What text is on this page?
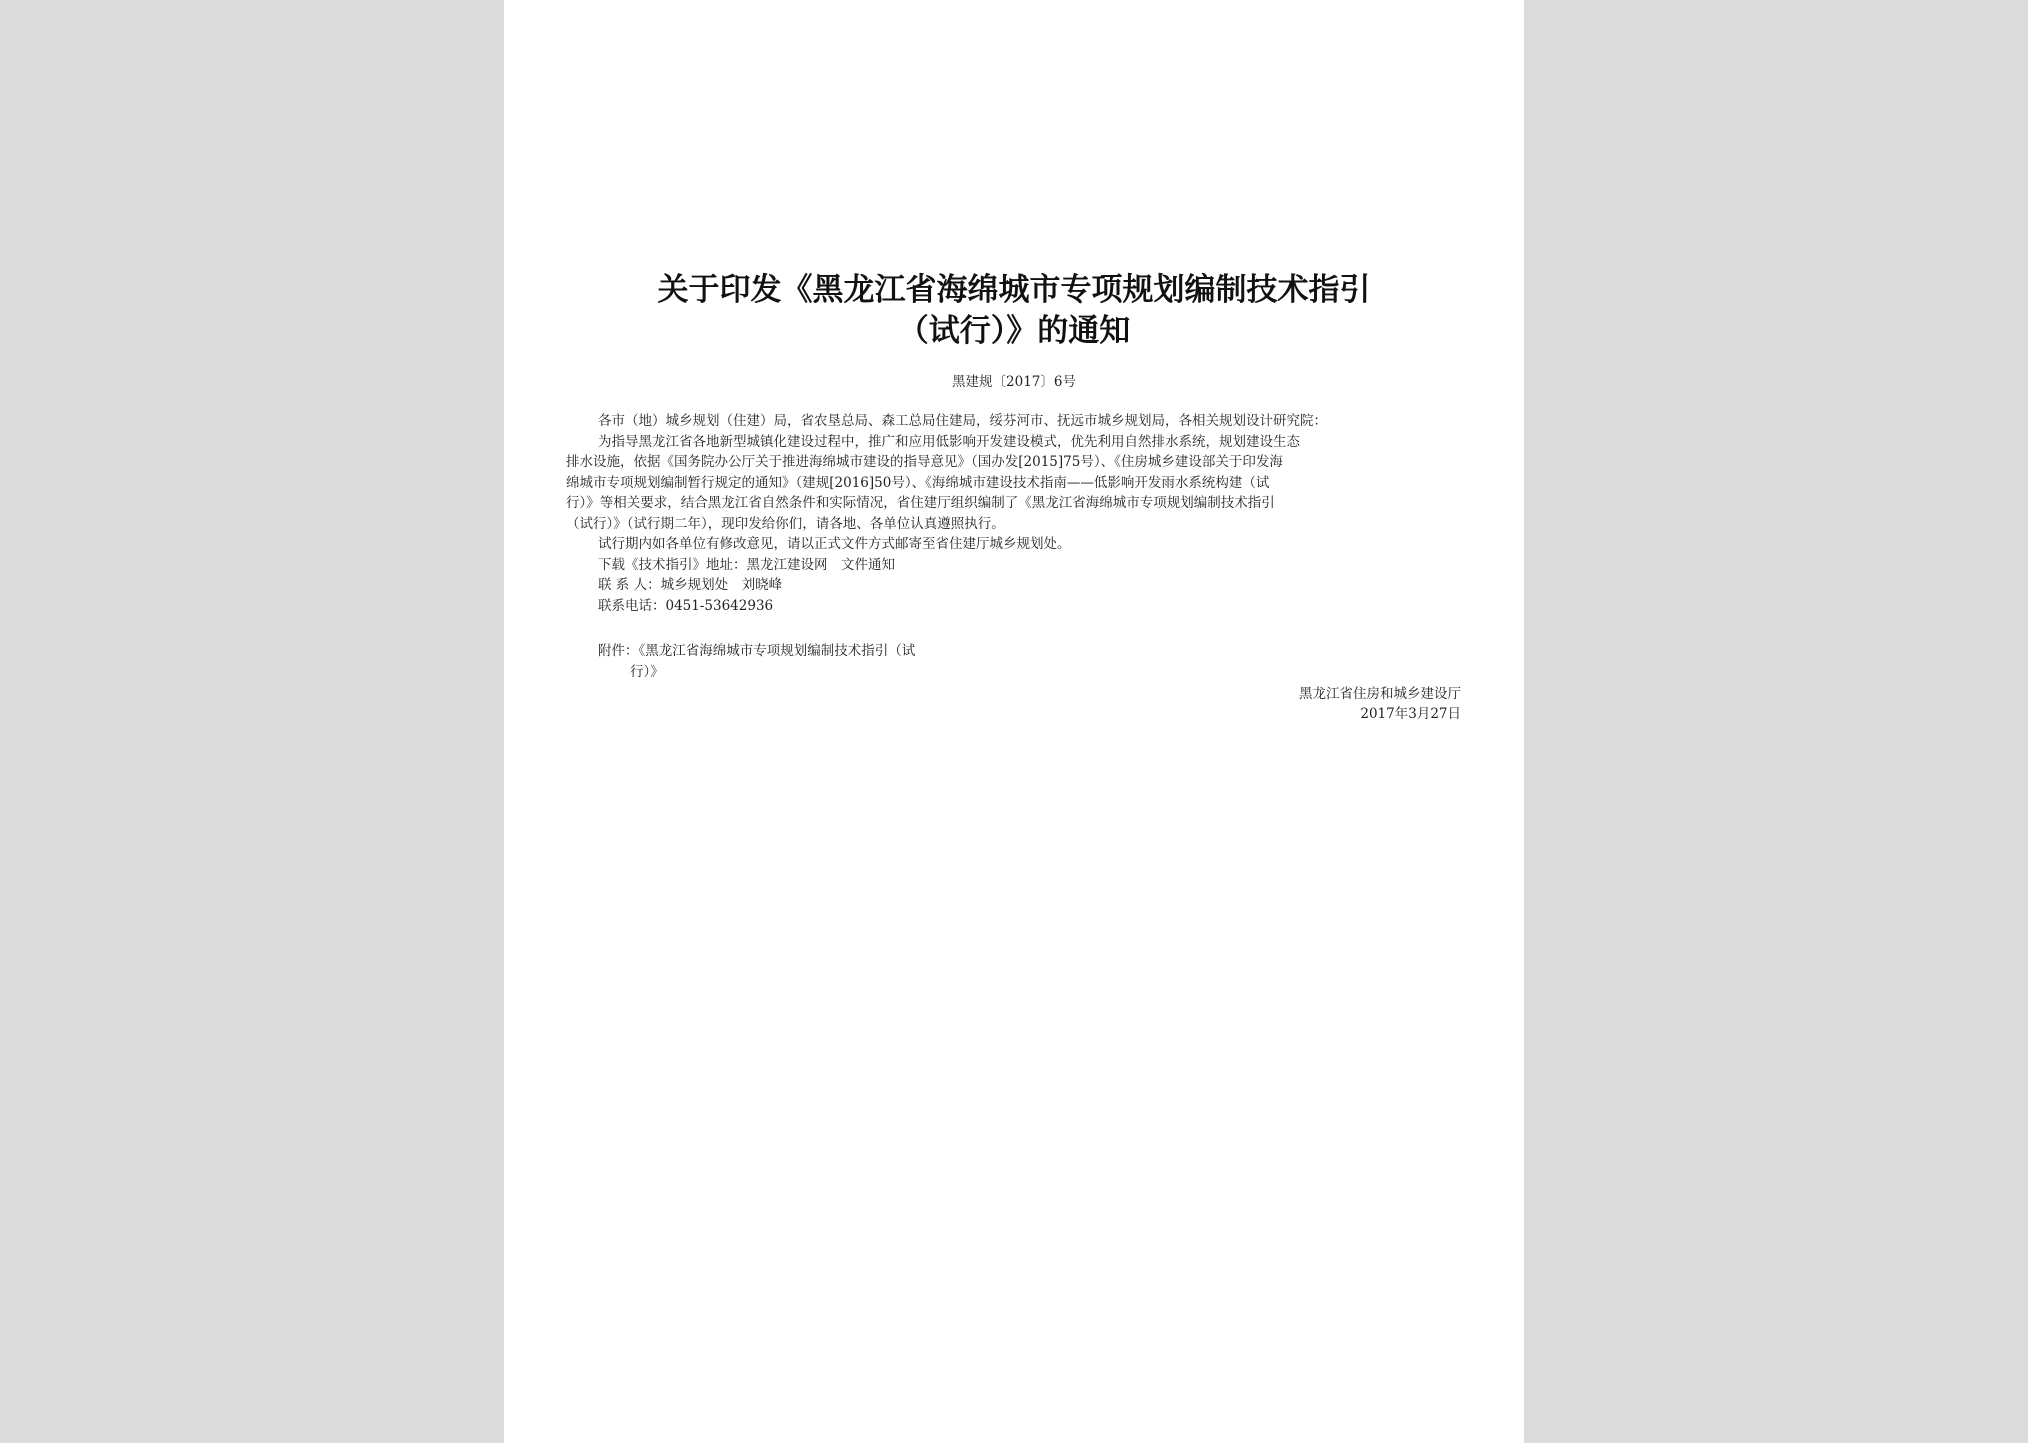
关于印发《黑龙江省海绵城市专项规划编制技术指引
（试行）》的通知
黑建规〔2017〕6号

各市（地）城乡规划（住建）局，省农垦总局、森工总局住建局，绥芬河市、抚远市城乡规划局，各相关规划设计研究院：

为指导黑龙江省各地新型城镇化建设过程中，推广和应用低影响开发建设模式，优先利用自然排水系统，规划建设生态

排水设施，依据《国务院办公厅关于推进海绵城市建设的指导意见》（国办发[2015]75号）、《住房城乡建设部关于印发海
绵城市专项规划编制暂行规定的通知》（建规[2016]50号）、《海绵城市建设技术指南——低影响开发雨水系统构建（试
行）》等相关要求，结合黑龙江省自然条件和实际情况，省住建厅组织编制了《黑龙江省海绵城市专项规划编制技术指引
（试行）》（试行期二年），现印发给你们，请各地、各单位认真遵照执行。

试行期内如各单位有修改意见，请以正式文件方式邮寄至省住建厅城乡规划处。

下载《技术指引》地址：黑龙江建设网　文件通知

联 系 人：城乡规划处　刘晓峰

联系电话：0451-53642936

附件：《黑龙江省海绵城市专项规划编制技术指引（试
行）》
黑龙江省住房和城乡建设厅
2017年3月27日
